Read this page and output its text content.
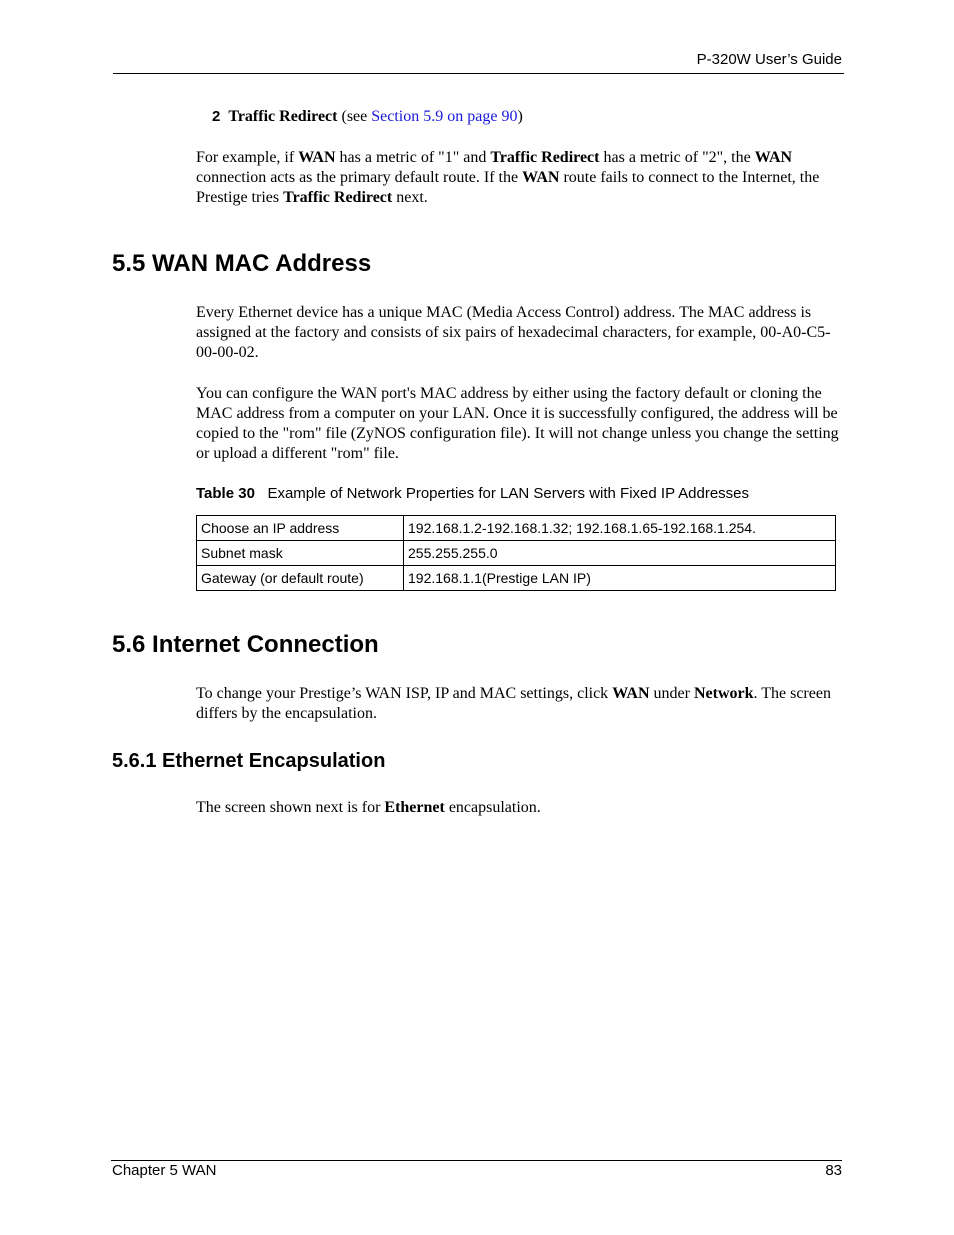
P-320W User’s Guide
2 Traffic Redirect (see Section 5.9 on page 90)
For example, if WAN has a metric of "1" and Traffic Redirect has a metric of "2", the WAN connection acts as the primary default route. If the WAN route fails to connect to the Internet, the Prestige tries Traffic Redirect next.
5.5 WAN MAC Address
Every Ethernet device has a unique MAC (Media Access Control) address. The MAC address is assigned at the factory and consists of six pairs of hexadecimal characters, for example, 00-A0-C5-00-00-02.
You can configure the WAN port's MAC address by either using the factory default or cloning the MAC address from a computer on your LAN. Once it is successfully configured, the address will be copied to the "rom" file (ZyNOS configuration file). It will not change unless you change the setting or upload a different "rom" file.
Table 30 Example of Network Properties for LAN Servers with Fixed IP Addresses
Choose an IP address	192.168.1.2-192.168.1.32; 192.168.1.65-192.168.1.254.
Subnet mask	255.255.255.0
Gateway (or default route)	192.168.1.1(Prestige LAN IP)
5.6 Internet Connection
To change your Prestige’s WAN ISP, IP and MAC settings, click WAN under Network. The screen differs by the encapsulation.
5.6.1 Ethernet Encapsulation
The screen shown next is for Ethernet encapsulation.
Chapter 5 WAN	83
